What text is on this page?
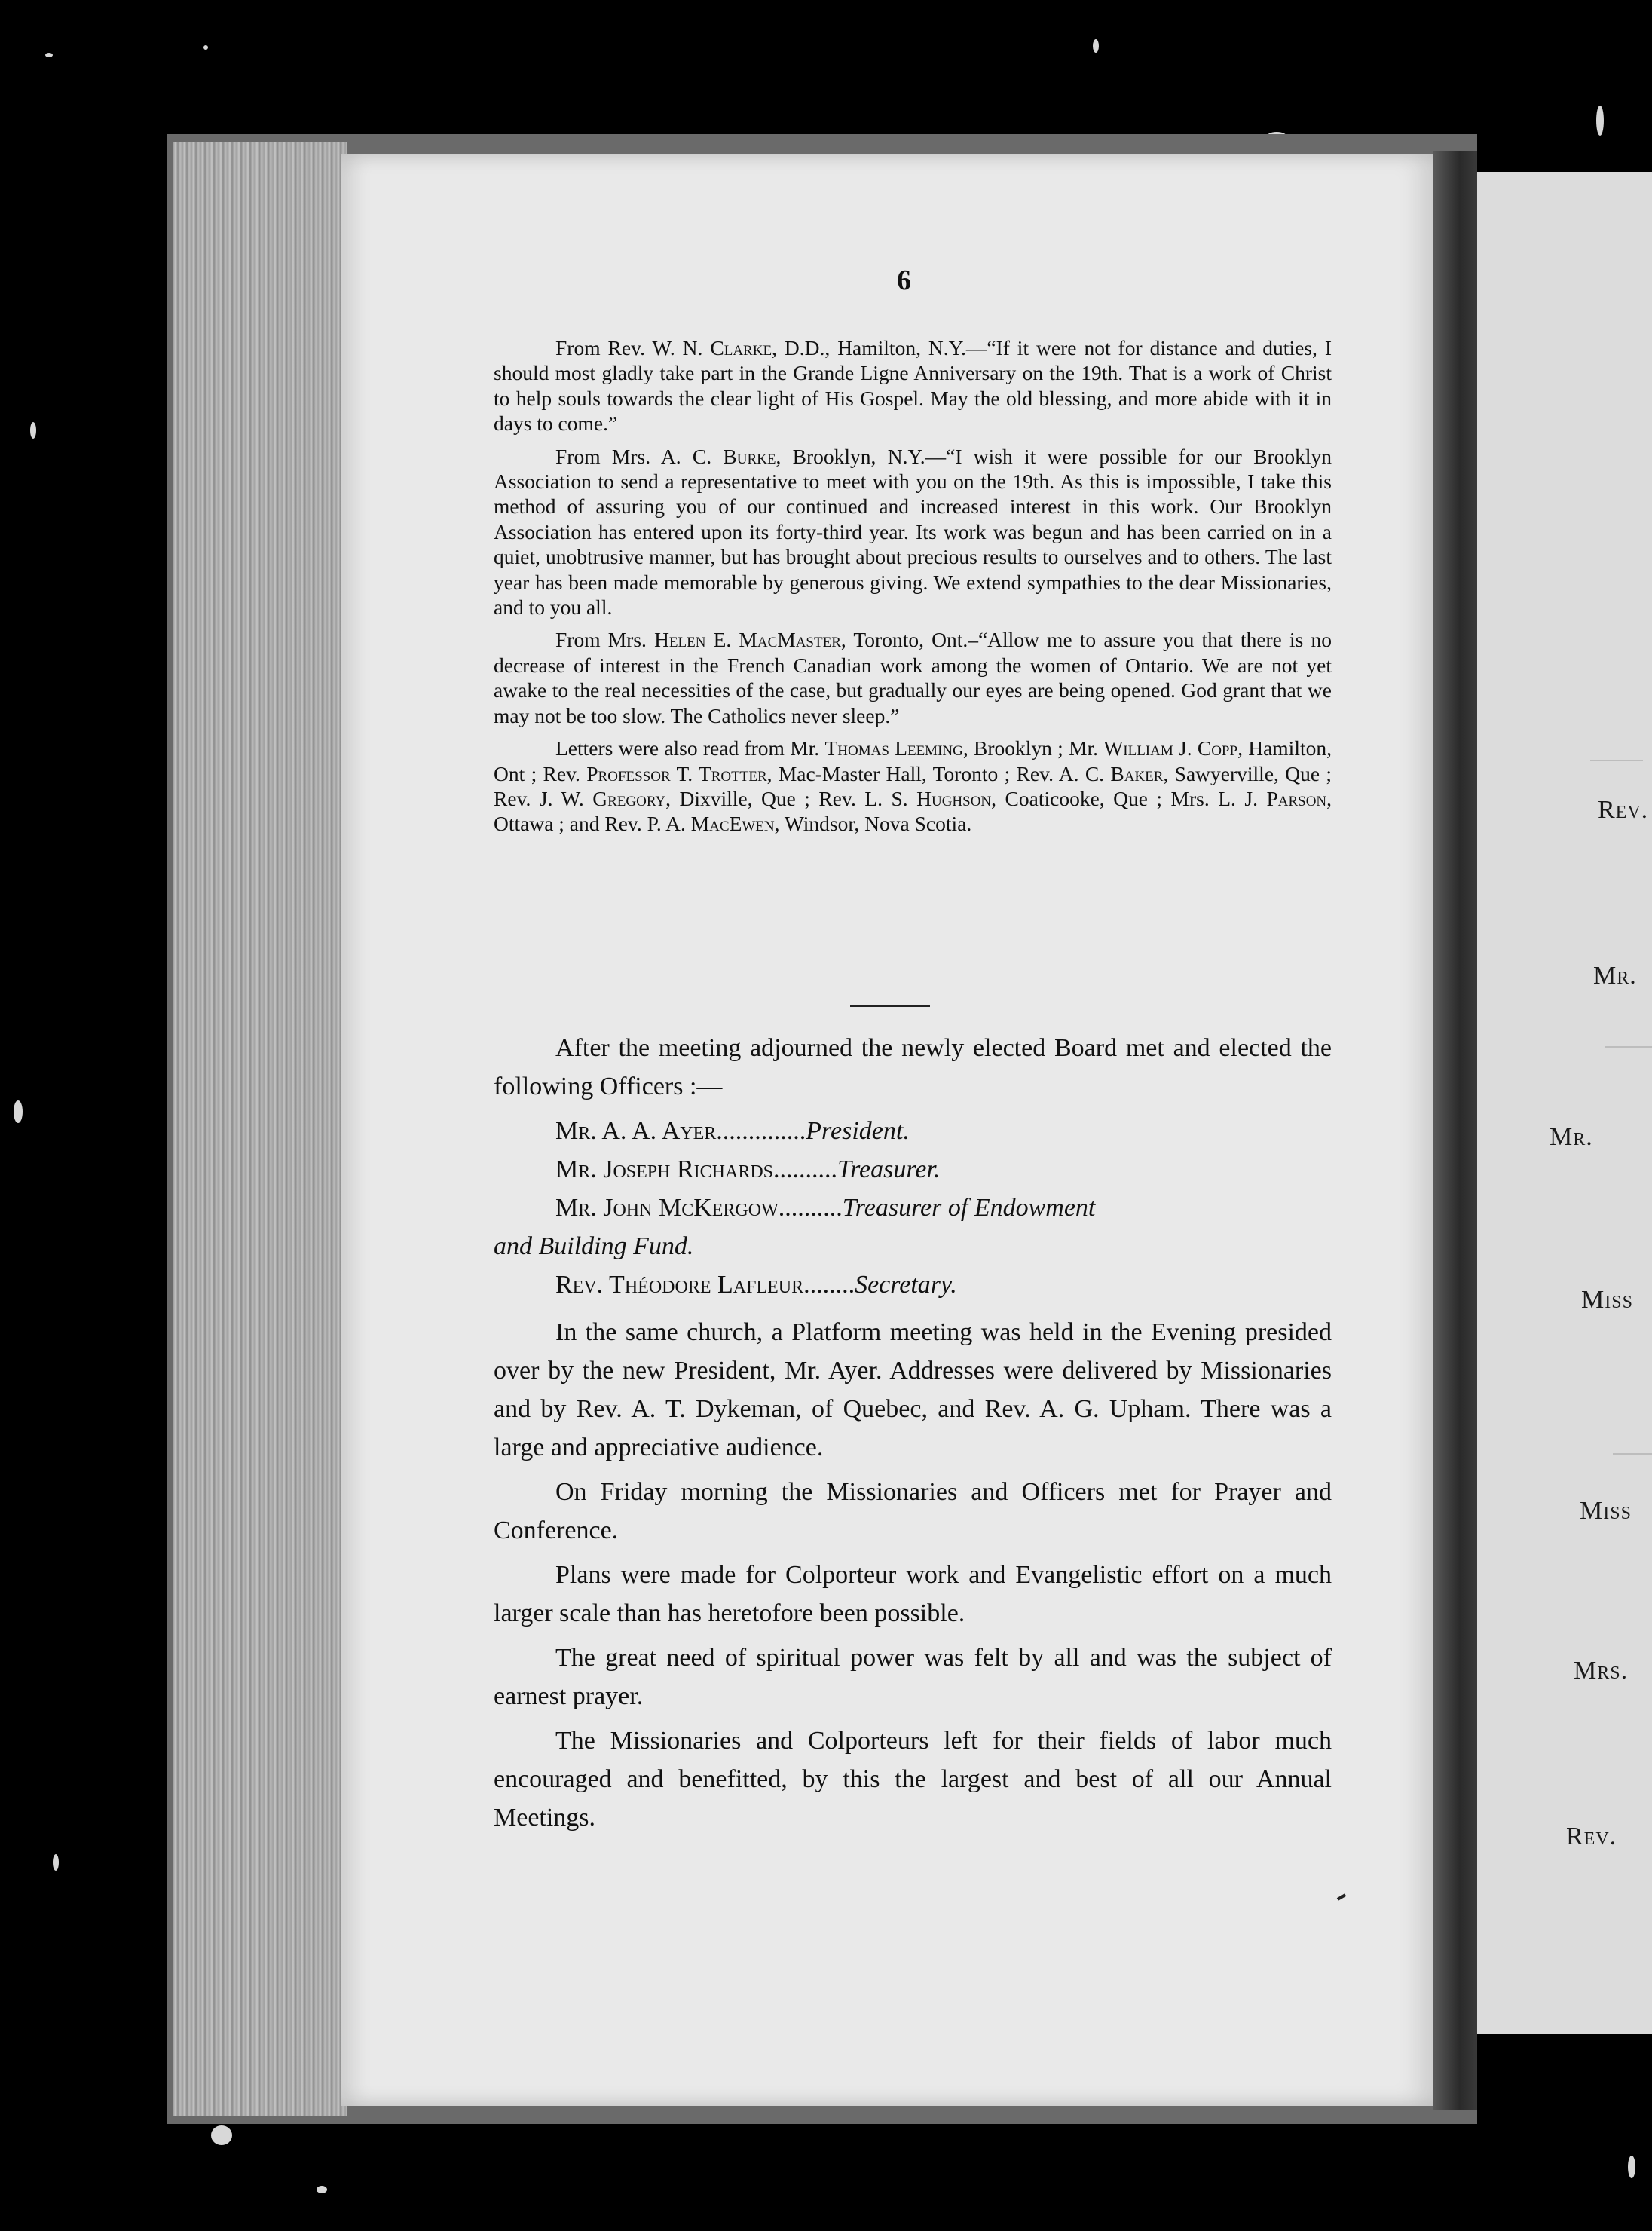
Rev.
Mr.
Mr.
Miss
Miss
Mrs.
Rev.
6

From Rev. W. N. Clarke, D.D., Hamilton, N.Y.—“If it were not for distance and duties, I should most gladly take part in the Grande Ligne Anniversary on the 19th. That is a work of Christ to help souls towards the clear light of His Gospel. May the old blessing, and more abide with it in days to come.”

From Mrs. A. C. Burke, Brooklyn, N.Y.—“I wish it were possible for our Brooklyn Association to send a representative to meet with you on the 19th. As this is impossible, I take this method of assuring you of our continued and increased interest in this work. Our Brooklyn Association has entered upon its forty-third year. Its work was begun and has been carried on in a quiet, unobtrusive manner, but has brought about precious results to ourselves and to others. The last year has been made memorable by generous giving. We extend sympathies to the dear Missionaries, and to you all.

From Mrs. Helen E. MacMaster, Toronto, Ont.–“Allow me to assure you that there is no decrease of interest in the French Canadian work among the women of Ontario. We are not yet awake to the real necessities of the case, but gradually our eyes are being opened. God grant that we may not be too slow. The Catholics never sleep.”

Letters were also read from Mr. Thomas Leeming, Brooklyn ; Mr. William J. Copp, Hamilton, Ont ; Rev. Professor T. Trotter, Mac-Master Hall, Toronto ; Rev. A. C. Baker, Sawyerville, Que ; Rev. J. W. Gregory, Dixville, Que ; Rev. L. S. Hughson, Coaticooke, Que ; Mrs. L. J. Parson, Ottawa ; and Rev. P. A. MacEwen, Windsor, Nova Scotia.

After the meeting adjourned the newly elected Board met and elected the following Officers :—

Mr. A. A. Ayer .............. President.
Mr. Joseph Richards .......... Treasurer.
Mr. John McKergow .......... Treasurer of Endowment
and Building Fund.
Rev. Théodore Lafleur ........ Secretary.

In the same church, a Platform meeting was held in the Evening presided over by the new President, Mr. Ayer. Addresses were delivered by Missionaries and by Rev. A. T. Dykeman, of Quebec, and Rev. A. G. Upham. There was a large and appreciative audience.

On Friday morning the Missionaries and Officers met for Prayer and Conference.

Plans were made for Colporteur work and Evangelistic effort on a much larger scale than has heretofore been possible.

The great need of spiritual power was felt by all and was the subject of earnest prayer.

The Missionaries and Colporteurs left for their fields of labor much encouraged and benefitted, by this the largest and best of all our Annual Meetings.
